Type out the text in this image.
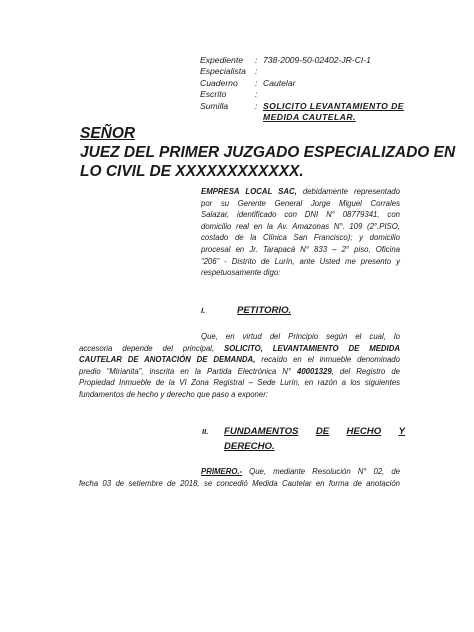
Expediente	: 738-2009-50-02402-JR-CI-1
Especialista	:
Cuaderno	: Cautelar
Escrito	:
Sumilla	: SOLICITO LEVANTAMIENTO DE
MEDIDA CAUTELAR.
SEÑOR
JUEZ DEL PRIMER JUZGADO ESPECIALIZADO EN
LO CIVIL DE XXXXXXXXXXXX.
EMPRESA LOCAL SAC, debidamente representado
por su Gerente General Jorge Miguel Corrales
Salazar, identificado con DNI N° 08779341, con
domicilio real en la Av. Amazonas N°. 109 (2°.PISO,
costado de la Clínica San Francisco); y domicilio
procesal en Jr. Tarapacá N° 833 – 2° piso, Oficina
“206” - Distrito de Lurín, ante Usted me presento y
respetuosamente digo:
I.	PETITORIO.
Que, en virtud del Principio según el cual, lo
accesoria depende del principal, SOLICITO, LEVANTAMIENTO DE MEDIDA
CAUTELAR DE ANOTACIÓN DE DEMANDA, recaído en el inmueble denominado
predio “Mirianita”, inscrita en la Partida Electrónica N° 40001329, del Registro de
Propiedad Inmueble de la VI Zona Registral – Sede Lurín, en razón a los siguientes
fundamentos de hecho y derecho que paso a exponer:
II.	FUNDAMENTOS DE HECHO Y
DERECHO.
PRIMERO.- Que, mediante Resolución N° 02, de
fecha 03 de setiembre de 2018, se concedió Medida Cautelar en forma de anotación
